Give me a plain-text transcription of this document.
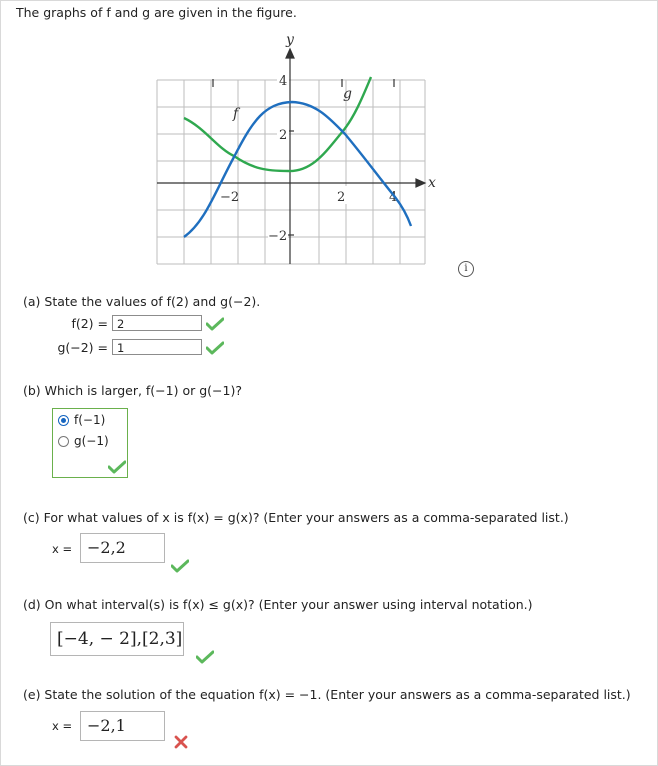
The graphs of f and g are given in the figure.
−2	2	4
4
2
−2
x
y
f
g
i
(a) State the values of f(2) and g(−2).
f(2) = 2
g(−2) = 1
(b) Which is larger, f(−1) or g(−1)?
f(−1)
g(−1)
(c) For what values of x is f(x) = g(x)? (Enter your answers as a comma-separated list.)
x = −2,2
(d) On what interval(s) is f(x) ≤ g(x)? (Enter your answer using interval notation.)
[−4, − 2],[2,3]
(e) State the solution of the equation f(x) = −1. (Enter your answers as a comma-separated list.)
x = −2,1
